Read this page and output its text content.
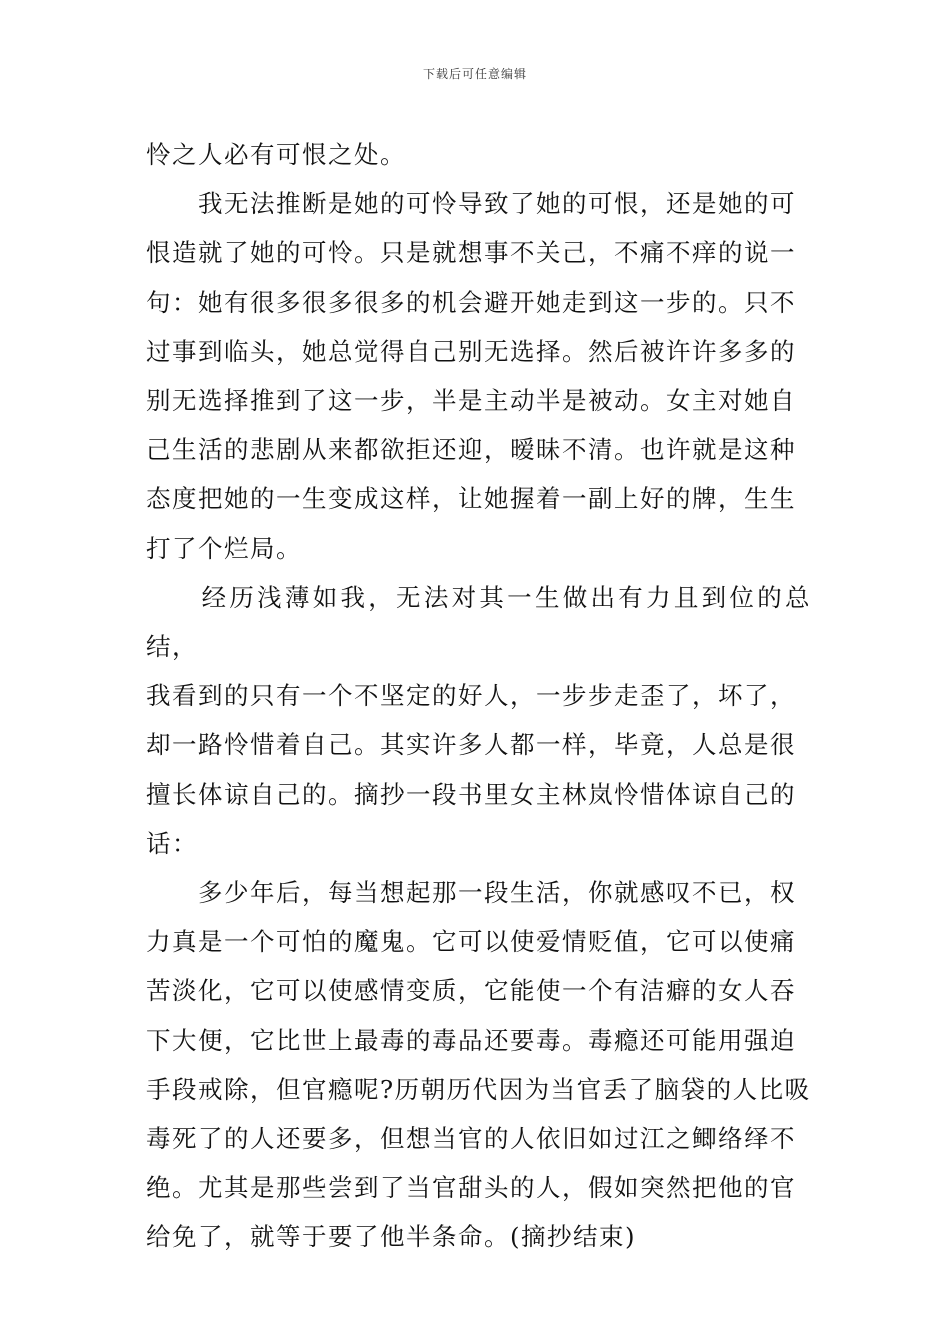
下载后可任意编辑

怜之人必有可恨之处。

　　我无法推断是她的可怜导致了她的可恨，还是她的可
恨造就了她的可怜。只是就想事不关己，不痛不痒的说一
句：她有很多很多很多的机会避开她走到这一步的。只不
过事到临头，她总觉得自己别无选择。然后被许许多多的
别无选择推到了这一步，半是主动半是被动。女主对她自
己生活的悲剧从来都欲拒还迎，暧昧不清。也许就是这种
态度把她的一生变成这样，让她握着一副上好的牌，生生
打了个烂局。

　　经历浅薄如我，无法对其一生做出有力且到位的总结，
我看到的只有一个不坚定的好人，一步步走歪了，坏了，
却一路怜惜着自己。其实许多人都一样，毕竟，人总是很
擅长体谅自己的。摘抄一段书里女主林岚怜惜体谅自己的
话：

　　多少年后，每当想起那一段生活，你就感叹不已，权
力真是一个可怕的魔鬼。它可以使爱情贬值，它可以使痛
苦淡化，它可以使感情变质，它能使一个有洁癖的女人吞
下大便，它比世上最毒的毒品还要毒。毒瘾还可能用强迫
手段戒除，但官瘾呢?历朝历代因为当官丢了脑袋的人比吸
毒死了的人还要多，但想当官的人依旧如过江之鲫络绎不
绝。尤其是那些尝到了当官甜头的人，假如突然把他的官
给免了，就等于要了他半条命。(摘抄结束)
